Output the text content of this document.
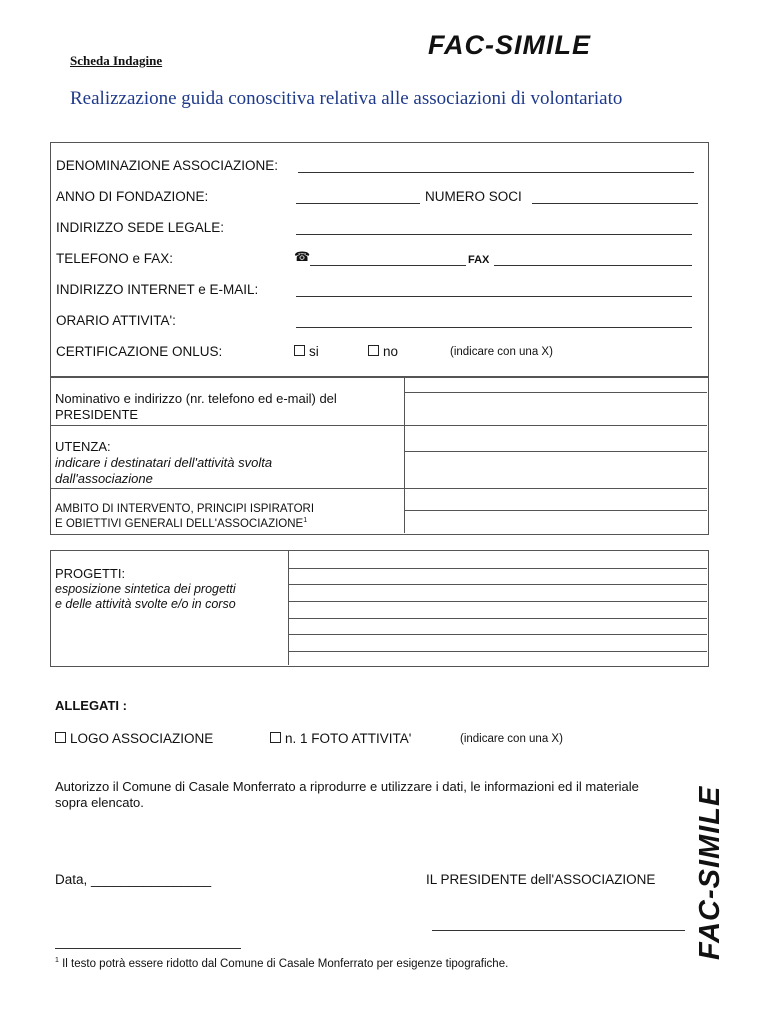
Scheda Indagine
FAC-SIMILE
Realizzazione guida conoscitiva relativa alle associazioni di volontariato
DENOMINAZIONE ASSOCIAZIONE:
ANNO DI FONDAZIONE:	NUMERO SOCI
INDIRIZZO SEDE LEGALE:
TELEFONO e FAX:	☎	FAX
INDIRIZZO INTERNET e E-MAIL:
ORARIO ATTIVITA':
CERTIFICAZIONE ONLUS:	si	no	(indicare con una X)
Nominativo e indirizzo (nr. telefono ed e-mail) del
PRESIDENTE
UTENZA:
indicare i destinatari dell'attività svolta
dall'associazione
AMBITO DI INTERVENTO, PRINCIPI ISPIRATORI
E OBIETTIVI GENERALI DELL'ASSOCIAZIONE$^1$
PROGETTI:
esposizione sintetica dei progetti
e delle attività svolte e/o in corso
ALLEGATI :
LOGO ASSOCIAZIONE	n. 1 FOTO ATTIVITA'	(indicare con una X)
Autorizzo il Comune di Casale Monferrato a riprodurre e utilizzare i dati, le informazioni ed il materiale
sopra elencato.
Data, ________________	IL PRESIDENTE dell'ASSOCIAZIONE
$^1$ Il testo potrà essere ridotto dal Comune di Casale Monferrato per esigenze tipografiche.
FAC-SIMILE
